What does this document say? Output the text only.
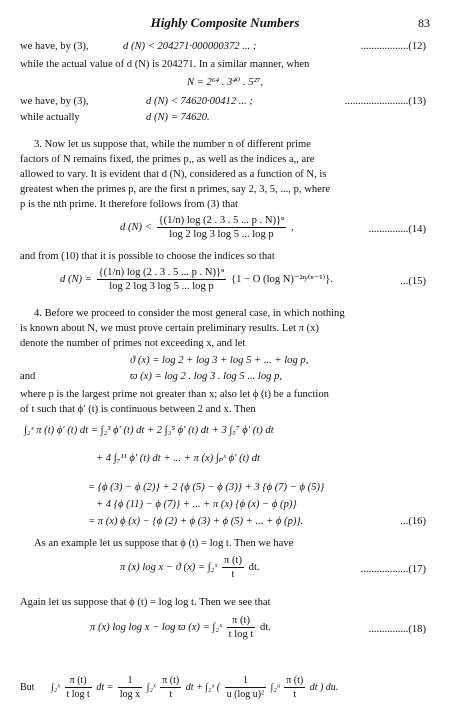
Highly Composite Numbers	83
we have, by (3),	d (N) < 204271·000000372 ... ;	..................(12)
while the actual value of d (N) is 204271. In a similar manner, when
N = 2⁶⁴ . 3⁴⁰ . 5²⁷,
we have, by (3),	d (N) < 74620·00412 ... ;	........................(13)
while actually	d (N) = 74620.
3. Now let us suppose that, while the number n of different prime
factors of N remains fixed, the primes p,, as well as the indices a,, are
allowed to vary. It is evident that d (N), considered as a function of N, is
greatest when the primes p, are the first n primes, say 2, 3, 5, ..., p, where
p is the nth prime. It therefore follows from (3) that
d $(N) < \frac{\text{\{(1/n) log (2 . 3 . 5 ... p . N)\}ⁿ}}{\text{log 2 log 3 log 5 ... log p}}$ ,	...............(14)
and from (10) that it is possible to choose the indices so that
d $(N) = \frac{\text{\{(1/n) log (2 . 3 . 5 ... p . N)\}ⁿ}}{\text{log 2 log 3 log 5 ... log p}} \{1 - O$ (log N)⁻²ⁿ⁄⁽ⁿ⁻¹⁾}.	...(15)
4. Before we proceed to consider the most general case, in which nothing
is known about N, we must prove certain preliminary results. Let π (x)
denote the number of primes not exceeding x, and let
ϑ (x) = log 2 + log 3 + log 5 + ... + log p,
and	ϖ (x) = log 2 . log 3 . log 5 ... log p,
where p is the largest prime not greater than x; also let ϕ (t) be a function
of t such that ϕ′ (t) is continuous between 2 and x. Then
∫₂ˣ π (t) ϕ′ (t) dt = ∫₂³ ϕ′ (t) dt + 2 ∫₃⁵ ϕ′ (t) dt + 3 ∫₅⁷ ϕ′ (t) dt
+ 4 ∫₇¹¹ ϕ′ (t) dt + ... + π (x) ∫ₚˣ ϕ′ (t) dt
= {ϕ (3) − ϕ (2)} + 2 {ϕ (5) − ϕ (3)} + 3 {ϕ (7) − ϕ (5)}
+ 4 {ϕ (11) − ϕ (7)} + ... + π (x) {ϕ (x) − ϕ (p)}
= π (x) ϕ (x) − {ϕ (2) + ϕ (3) + ϕ (5) + ... + ϕ (p)}.	...(16)
As an example let us suppose that ϕ (t) = log t. Then we have
π (x) log x − ϑ (x) = ∫₂ˣ $\frac{\pi (t)}{t}$ dt.	..................(17)
Again let us suppose that ϕ (t) = log log t. Then we see that
π (x) log log x − log ϖ (x) = ∫₂ˣ $\frac{\pi (t)}{\text{t log t}}$ dt.	...............(18)
But ∫₂ˣ $\frac{\pi (t)}{\text{t log t}}$ dt = $\frac{1}{\text{log x}}$ ∫₂ˣ $\frac{\pi (t)}{t}$ dt + ∫₂ˣ ( $\frac{1}{\text{u (log u)²}}$ ∫₂ᵘ $\frac{\pi (t)}{t}$ dt ) du.
